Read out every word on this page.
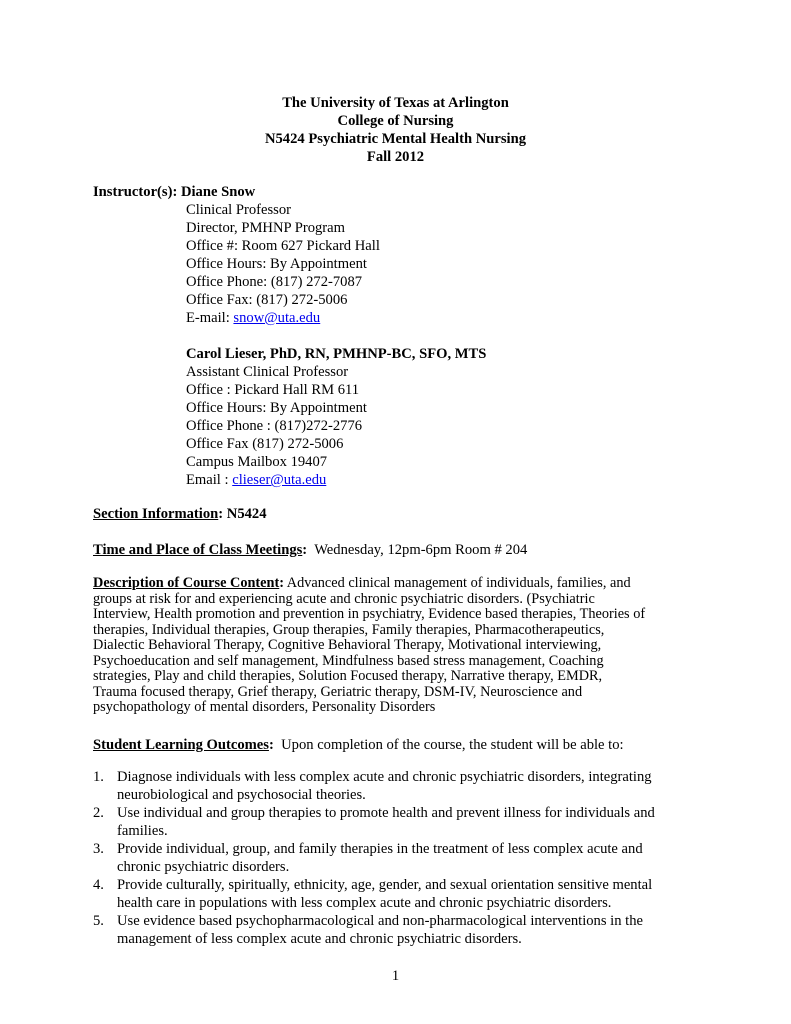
The University of Texas at Arlington
College of Nursing
N5424 Psychiatric Mental Health Nursing
Fall 2012
Instructor(s): Diane Snow
Clinical Professor
Director, PMHNP Program
Office #: Room 627 Pickard Hall
Office Hours: By Appointment
Office Phone: (817) 272-7087
Office Fax: (817) 272-5006
E-mail: snow@uta.edu
Carol Lieser, PhD, RN, PMHNP-BC, SFO, MTS
Assistant Clinical Professor
Office : Pickard Hall RM 611
Office Hours: By Appointment
Office Phone : (817)272-2776
Office Fax (817) 272-5006
Campus Mailbox 19407
Email : clieser@uta.edu
Section Information: N5424
Time and Place of Class Meetings:  Wednesday, 12pm-6pm Room # 204
Description of Course Content: Advanced clinical management of individuals, families, and
groups at risk for and experiencing acute and chronic psychiatric disorders. (Psychiatric
Interview, Health promotion and prevention in psychiatry, Evidence based therapies, Theories of
therapies, Individual therapies, Group therapies, Family therapies, Pharmacotherapeutics,
Dialectic Behavioral Therapy, Cognitive Behavioral Therapy, Motivational interviewing,
Psychoeducation and self management, Mindfulness based stress management, Coaching
strategies, Play and child therapies, Solution Focused therapy, Narrative therapy, EMDR,
Trauma focused therapy, Grief therapy, Geriatric therapy, DSM-IV, Neuroscience and
psychopathology of mental disorders, Personality Disorders
Student Learning Outcomes:  Upon completion of the course, the student will be able to:
1. Diagnose individuals with less complex acute and chronic psychiatric disorders, integrating
neurobiological and psychosocial theories.
2. Use individual and group therapies to promote health and prevent illness for individuals and
families.
3. Provide individual, group, and family therapies in the treatment of less complex acute and
chronic psychiatric disorders.
4. Provide culturally, spiritually, ethnicity, age, gender, and sexual orientation sensitive mental
health care in populations with less complex acute and chronic psychiatric disorders.
5. Use evidence based psychopharmacological and non-pharmacological interventions in the
management of less complex acute and chronic psychiatric disorders.
1
